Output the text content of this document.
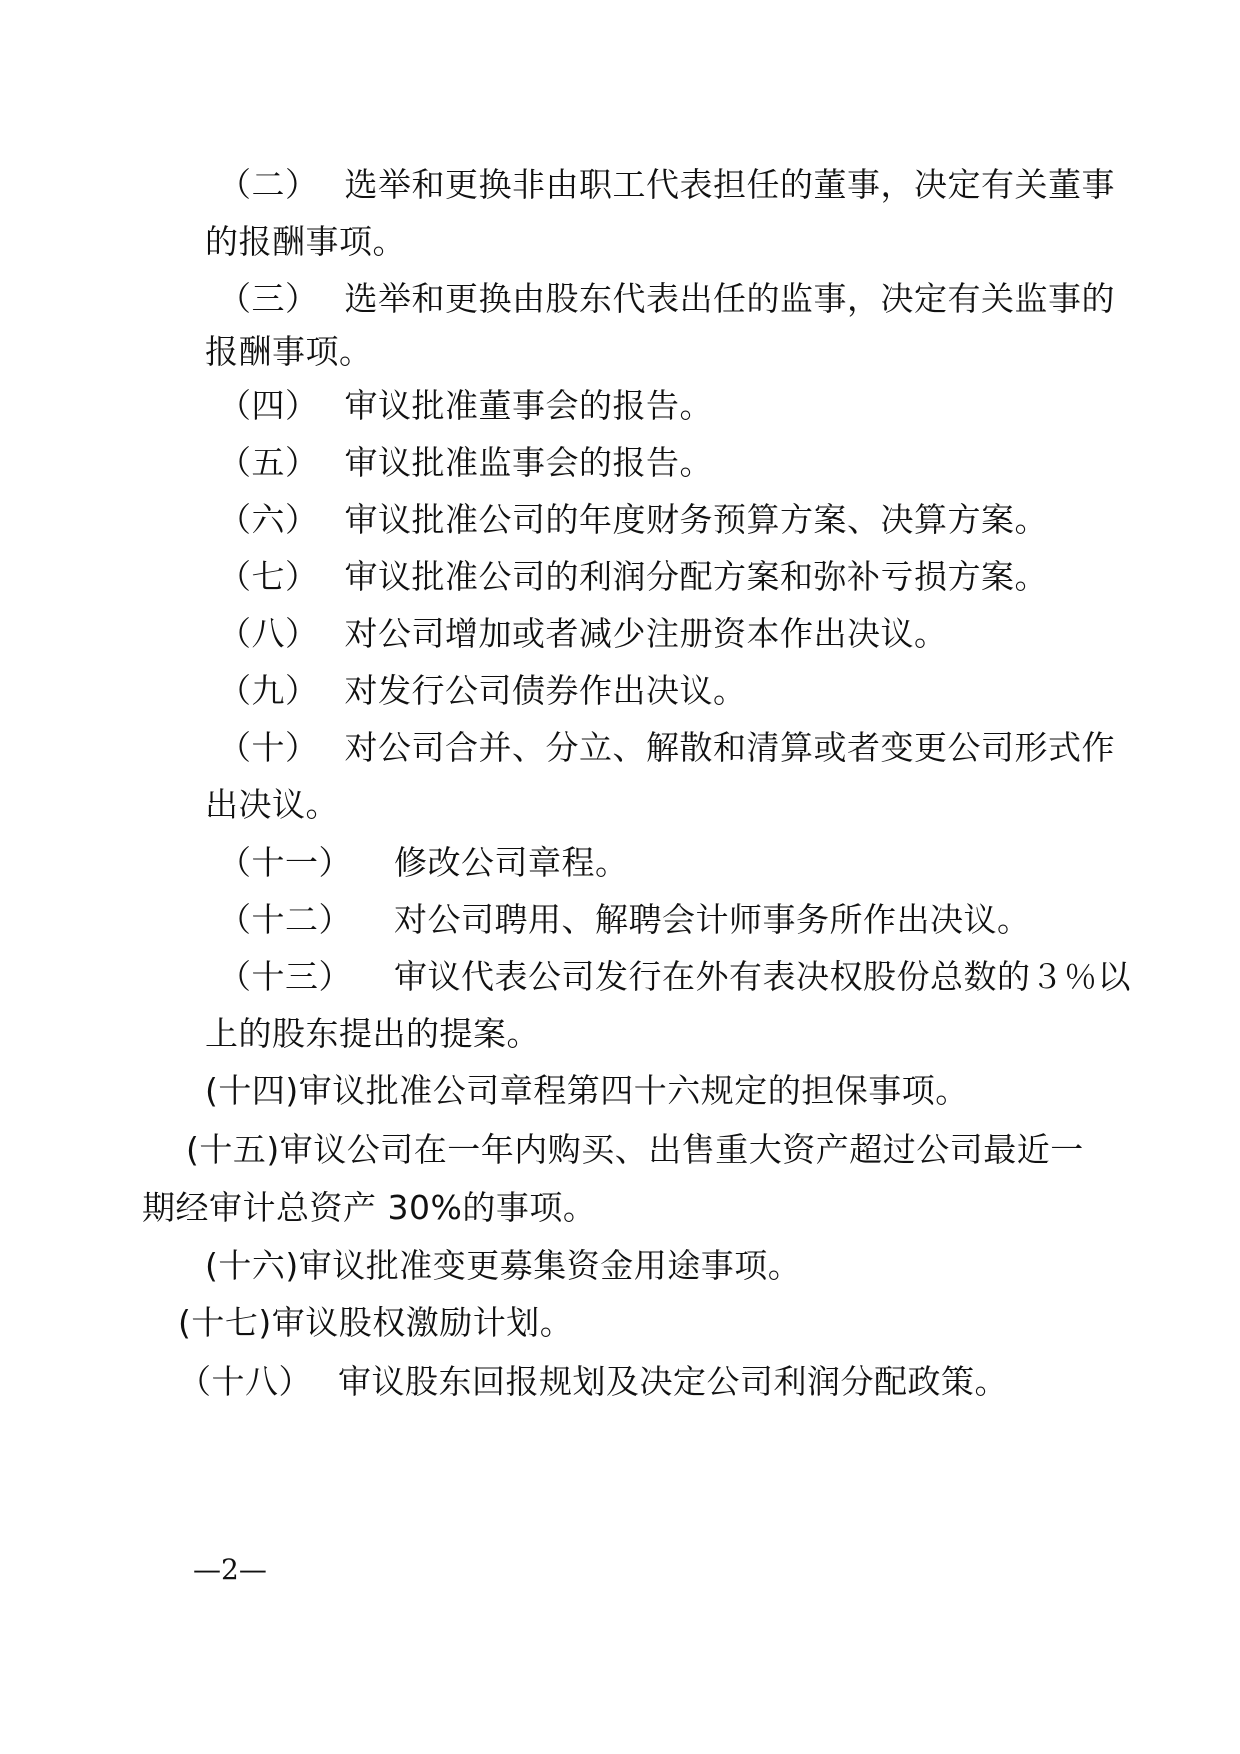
（二） 选举和更换非由职工代表担任的董事，决定有关董事
的报酬事项。
（三） 选举和更换由股东代表出任的监事，决定有关监事的
报酬事项。
（四） 审议批准董事会的报告。
（五） 审议批准监事会的报告。
（六） 审议批准公司的年度财务预算方案、决算方案。
（七） 审议批准公司的利润分配方案和弥补亏损方案。
（八） 对公司增加或者减少注册资本作出决议。
（九） 对发行公司债券作出决议。
（十） 对公司合并、分立、解散和清算或者变更公司形式作
出决议。
（十一） 修改公司章程。
（十二） 对公司聘用、解聘会计师事务所作出决议。
（十三） 审议代表公司发行在外有表决权股份总数的３％以
上的股东提出的提案。
(十四)审议批准公司章程第四十六规定的担保事项。
(十五)审议公司在一年内购买、出售重大资产超过公司最近一
期经审计总资产 30%的事项。
(十六)审议批准变更募集资金用途事项。
(十七)审议股权激励计划。
（十八） 审议股东回报规划及决定公司利润分配政策。
—2—
